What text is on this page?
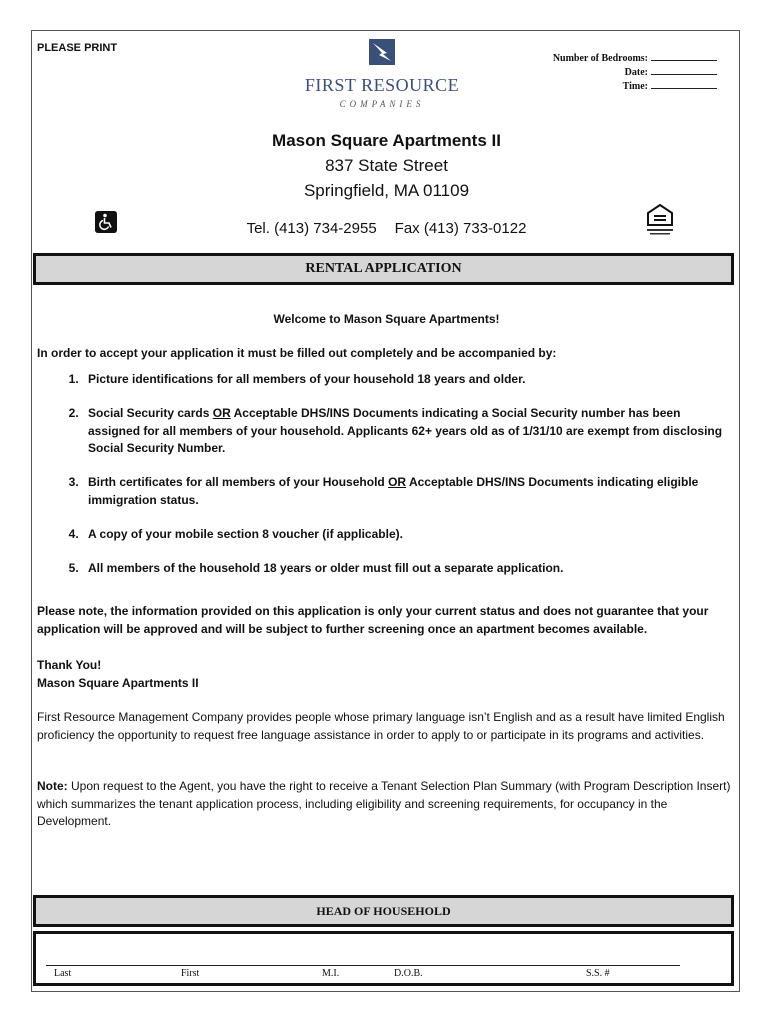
PLEASE PRINT
FIRST RESOURCE
COMPANIES
Number of Bedrooms:
Date:
Time:
Mason Square Apartments II
837 State Street
Springfield, MA 01109
Tel. (413) 734-2955 Fax (413) 733-0122
RENTAL APPLICATION
Welcome to Mason Square Apartments!
In order to accept your application it must be filled out completely and be accompanied by:
1. Picture identifications for all members of your household 18 years and older.
2. Social Security cards OR Acceptable DHS/INS Documents indicating a Social Security number has been assigned for all members of your household. Applicants 62+ years old as of 1/31/10 are exempt from disclosing Social Security Number.
3. Birth certificates for all members of your Household OR Acceptable DHS/INS Documents indicating eligible immigration status.
4. A copy of your mobile section 8 voucher (if applicable).
5. All members of the household 18 years or older must fill out a separate application.
Please note, the information provided on this application is only your current status and does not guarantee that your application will be approved and will be subject to further screening once an apartment becomes available.
Thank You!
Mason Square Apartments II
First Resource Management Company provides people whose primary language isn’t English and as a result have limited English proficiency the opportunity to request free language assistance in order to apply to or participate in its programs and activities.
Note: Upon request to the Agent, you have the right to receive a Tenant Selection Plan Summary (with Program Description Insert) which summarizes the tenant application process, including eligibility and screening requirements, for occupancy in the Development.
HEAD OF HOUSEHOLD
Last	First	M.I.	D.O.B.	S.S. #
